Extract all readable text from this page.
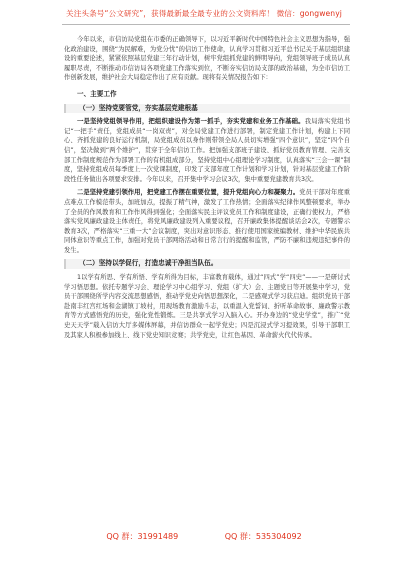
关注头条号“公文研究”，获得最新最全最专业的公文资料库！ 微信：gongwenyj

今年以来，市信访局党组在市委的正确领导下，以习近平新时代中国特色社会主义思想为指导，强化政治建设，围绕“为民解难，为党分忧”的信访工作使命，认真学习贯彻习近平总书记关于基层组织建设的重要论述，紧紧依照基层党建三年行动计划，树牢党组抓党建的鲜明导向，党组领导班子成员认真履职尽责，不断推动市信访局各项党建工作落实到位，不断夯实信访局支部的政治基础，为全市信访工作创新发展，维护社会大局稳定作出了应有贡献。现将有关情况报告如下：

一、主要工作

（一）坚持党要管党，夯实基层党建根基

一是坚持党组领导作用，把组织建设作为第一抓手，夯实党建和业务工作基础。我局落实党组书记“一把手”责任，党组成员“一岗双责”，对全局党建工作进行部署，制定党建工作计划，构建上下同心、齐抓党建的良好运行机制，局党组成员以身作则带领全局人员切实增强“四个意识”，坚定“四个自信”，坚决做到“两个维护”，贯穿于全年信访工作。把加强支部班子建设、抓好党员教育管理、完善支部工作制度规范作为部署工作的有机组成部分，坚持党组中心组理论学习制度，认真落实“三会一课”制度，坚持党组成员每季度上一次党课制度，印发了支部年度工作计划和学习计划，针对基层党建工作阶段性任务做出各项要求安排。今年以来，召开集中学习会议3次，集中重要党建教育共3次。

二是坚持党建引领作用，把党建工作摆在重要位置，提升党组向心力和凝聚力。党员干部对年度重点难点工作模范带头，加班加点，提振了精气神，激发了工作热情；全面落实纪律作风整顿要求，举办了全员的作风教育和工作作风得到强化；全面落实民主评议党员工作和制度建设，正确行使权力，严格落实党风廉政建设主体责任，将党风廉政建设列入重要议程，召开廉政集体提醒谈话会2次，专题警示教育3次，严格落实“三重一大”会议制度，突出对意识形态、推行使用国家统编教材、维护中华民族共同体意识等重点工作，加强对党员干部网络活动和日常言行的提醒和监管，严防不廉和违规违纪事件的发生。

（二）坚持以学促行，打造忠诚干净担当队伍。

1以学有所思、学有所悟、学有所得为目标，丰富教育载体，通过“四式”学“四史”——一是研讨式学习悟思想。依托专题学习会、理论学习中心组学习、党组（扩大）会、主题党日等开展集中学习，党员干部围绕所学内容交流思想感悟，推动学党史向悟思想深化，二是感观式学习获启迪。组织党员干部赴南丰红宫红场和金湖镇丁坡村，用现场教育激励斗志，以重温入党誓词、折听革命故事、廉政警示教育等方式感悟党的历史，强化党性锻炼。三是共享式学习入脑入心。开办身边的“党史学堂”，推广“党史天天学”载入信访大厅多媒体屏幕，并信访群众一起学党史；四是沉浸式学习提效果，引导干部职工及其家人积极参加线上、线下党史知识竞赛；共学党史，让红色基因、革命薪火代代传承。

QQ 群：31991489	QQ 群：535304092
